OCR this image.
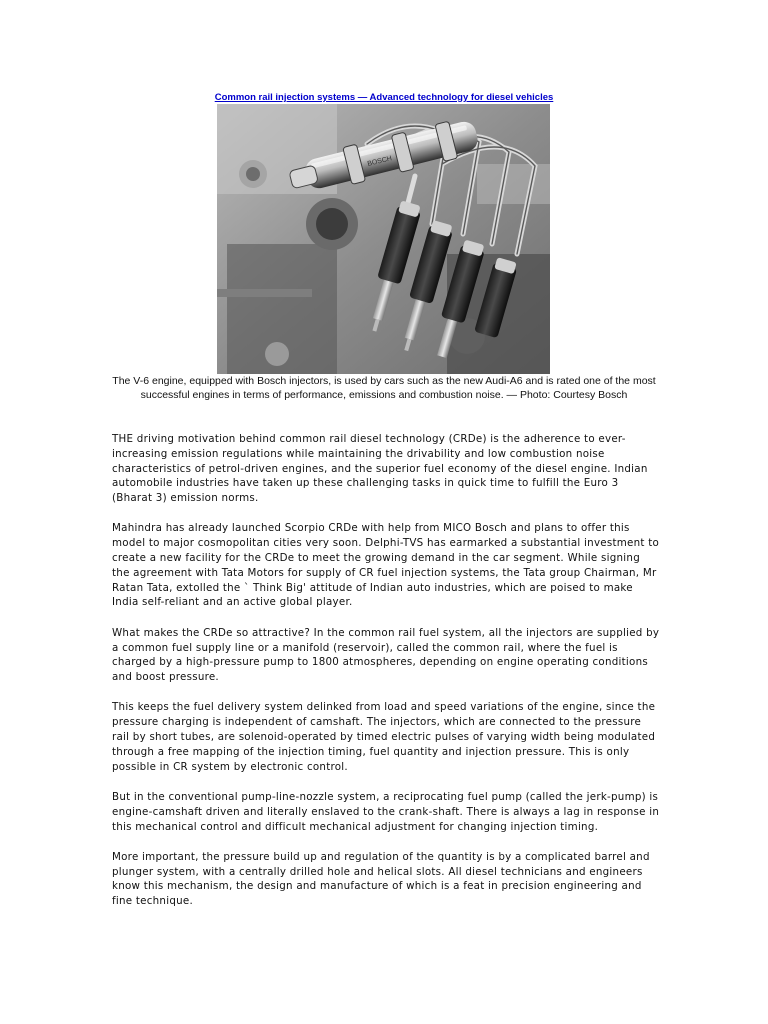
Common rail injection systems — Advanced technology for diesel vehicles
BOSCH
The V-6 engine, equipped with Bosch injectors, is used by cars such as the new Audi-A6 and is rated one of the most successful engines in terms of performance, emissions and combustion noise. — Photo: Courtesy Bosch

THE driving motivation behind common rail diesel technology (CRDe) is the adherence to ever-increasing emission regulations while maintaining the drivability and low combustion noise characteristics of petrol-driven engines, and the superior fuel economy of the diesel engine. Indian automobile industries have taken up these challenging tasks in quick time to fulfill the Euro 3 (Bharat 3) emission norms.

Mahindra has already launched Scorpio CRDe with help from MICO Bosch and plans to offer this model to major cosmopolitan cities very soon. Delphi-TVS has earmarked a substantial investment to create a new facility for the CRDe to meet the growing demand in the car segment. While signing the agreement with Tata Motors for supply of CR fuel injection systems, the Tata group Chairman, Mr Ratan Tata, extolled the ` Think Big' attitude of Indian auto industries, which are poised to make India self-reliant and an active global player.

What makes the CRDe so attractive? In the common rail fuel system, all the injectors are supplied by a common fuel supply line or a manifold (reservoir), called the common rail, where the fuel is charged by a high-pressure pump to 1800 atmospheres, depending on engine operating conditions and boost pressure.

This keeps the fuel delivery system delinked from load and speed variations of the engine, since the pressure charging is independent of camshaft. The injectors, which are connected to the pressure rail by short tubes, are solenoid-operated by timed electric pulses of varying width being modulated through a free mapping of the injection timing, fuel quantity and injection pressure. This is only possible in CR system by electronic control.

But in the conventional pump-line-nozzle system, a reciprocating fuel pump (called the jerk-pump) is engine-camshaft driven and literally enslaved to the crank-shaft. There is always a lag in response in this mechanical control and difficult mechanical adjustment for changing injection timing.

More important, the pressure build up and regulation of the quantity is by a complicated barrel and plunger system, with a centrally drilled hole and helical slots. All diesel technicians and engineers know this mechanism, the design and manufacture of which is a feat in precision engineering and fine technique.
